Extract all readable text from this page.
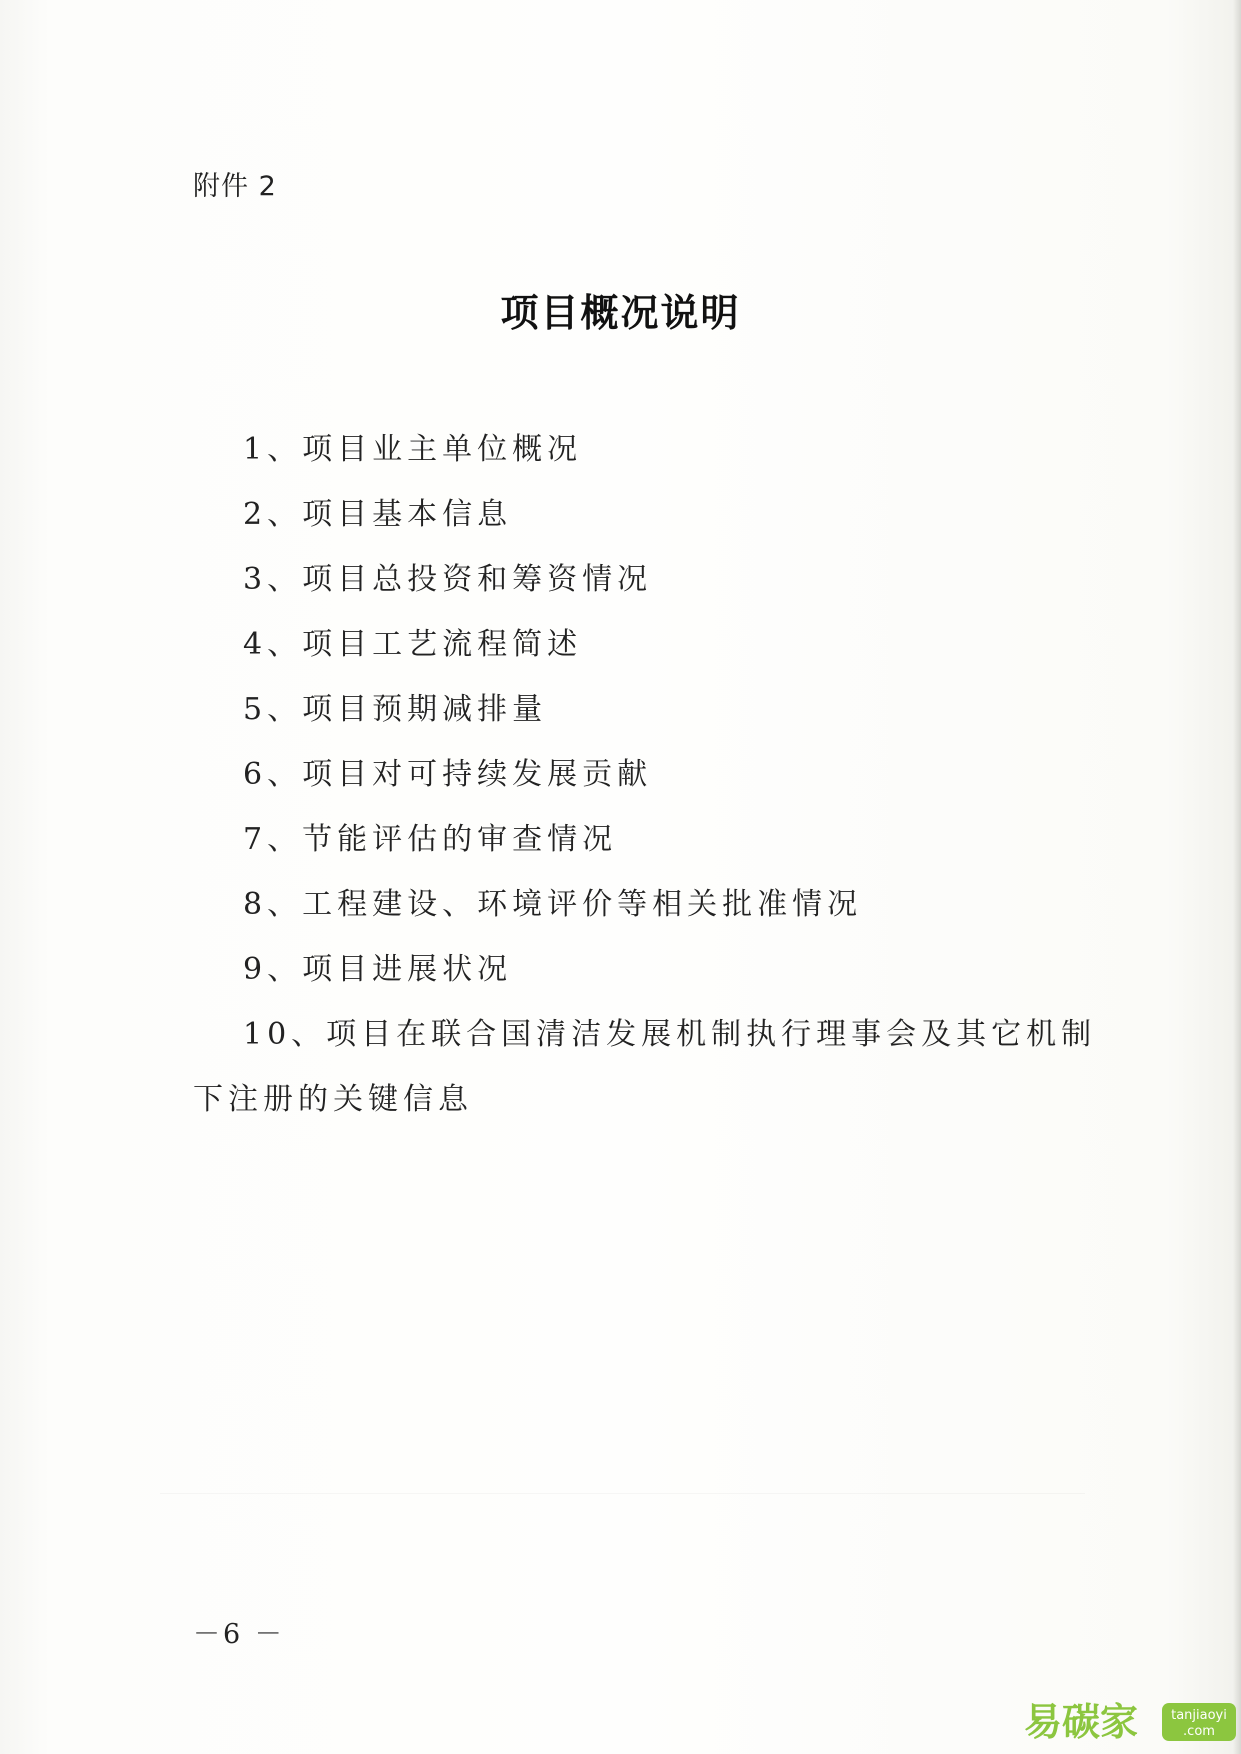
附件 2
项目概况说明
1、项目业主单位概况
2、项目基本信息
3、项目总投资和筹资情况
4、项目工艺流程简述
5、项目预期减排量
6、项目对可持续发展贡献
7、节能评估的审查情况
8、工程建设、环境评价等相关批准情况
9、项目进展状况
10、项目在联合国清洁发展机制执行理事会及其它机制
下注册的关键信息
－6 －
易碳家	tanjiaoyi
.com
